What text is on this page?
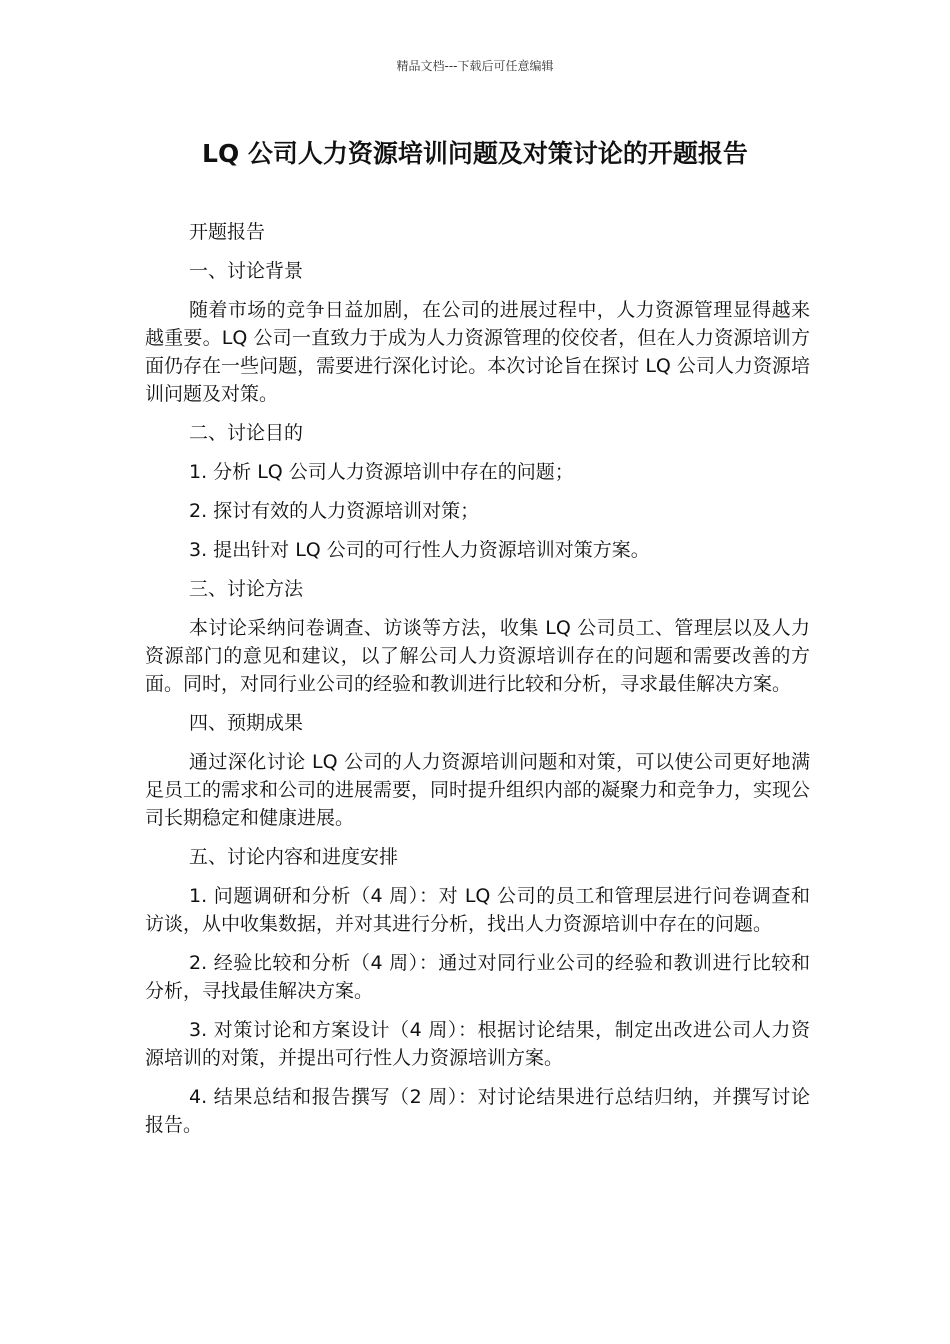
精品文档---下载后可任意编辑
LQ 公司人力资源培训问题及对策讨论的开题报告
开题报告
一、讨论背景
随着市场的竞争日益加剧，在公司的进展过程中，人力资源管理显得越来越重要。LQ 公司一直致力于成为人力资源管理的佼佼者，但在人力资源培训方面仍存在一些问题，需要进行深化讨论。本次讨论旨在探讨 LQ 公司人力资源培训问题及对策。
二、讨论目的
1. 分析 LQ 公司人力资源培训中存在的问题；
2. 探讨有效的人力资源培训对策；
3. 提出针对 LQ 公司的可行性人力资源培训对策方案。
三、讨论方法
本讨论采纳问卷调查、访谈等方法，收集 LQ 公司员工、管理层以及人力资源部门的意见和建议，以了解公司人力资源培训存在的问题和需要改善的方面。同时，对同行业公司的经验和教训进行比较和分析，寻求最佳解决方案。
四、预期成果
通过深化讨论 LQ 公司的人力资源培训问题和对策，可以使公司更好地满足员工的需求和公司的进展需要，同时提升组织内部的凝聚力和竞争力，实现公司长期稳定和健康进展。
五、讨论内容和进度安排
1. 问题调研和分析（4 周）：对 LQ 公司的员工和管理层进行问卷调查和访谈，从中收集数据，并对其进行分析，找出人力资源培训中存在的问题。
2. 经验比较和分析（4 周）：通过对同行业公司的经验和教训进行比较和分析，寻找最佳解决方案。
3. 对策讨论和方案设计（4 周）：根据讨论结果，制定出改进公司人力资源培训的对策，并提出可行性人力资源培训方案。
4. 结果总结和报告撰写（2 周）：对讨论结果进行总结归纳，并撰写讨论报告。
